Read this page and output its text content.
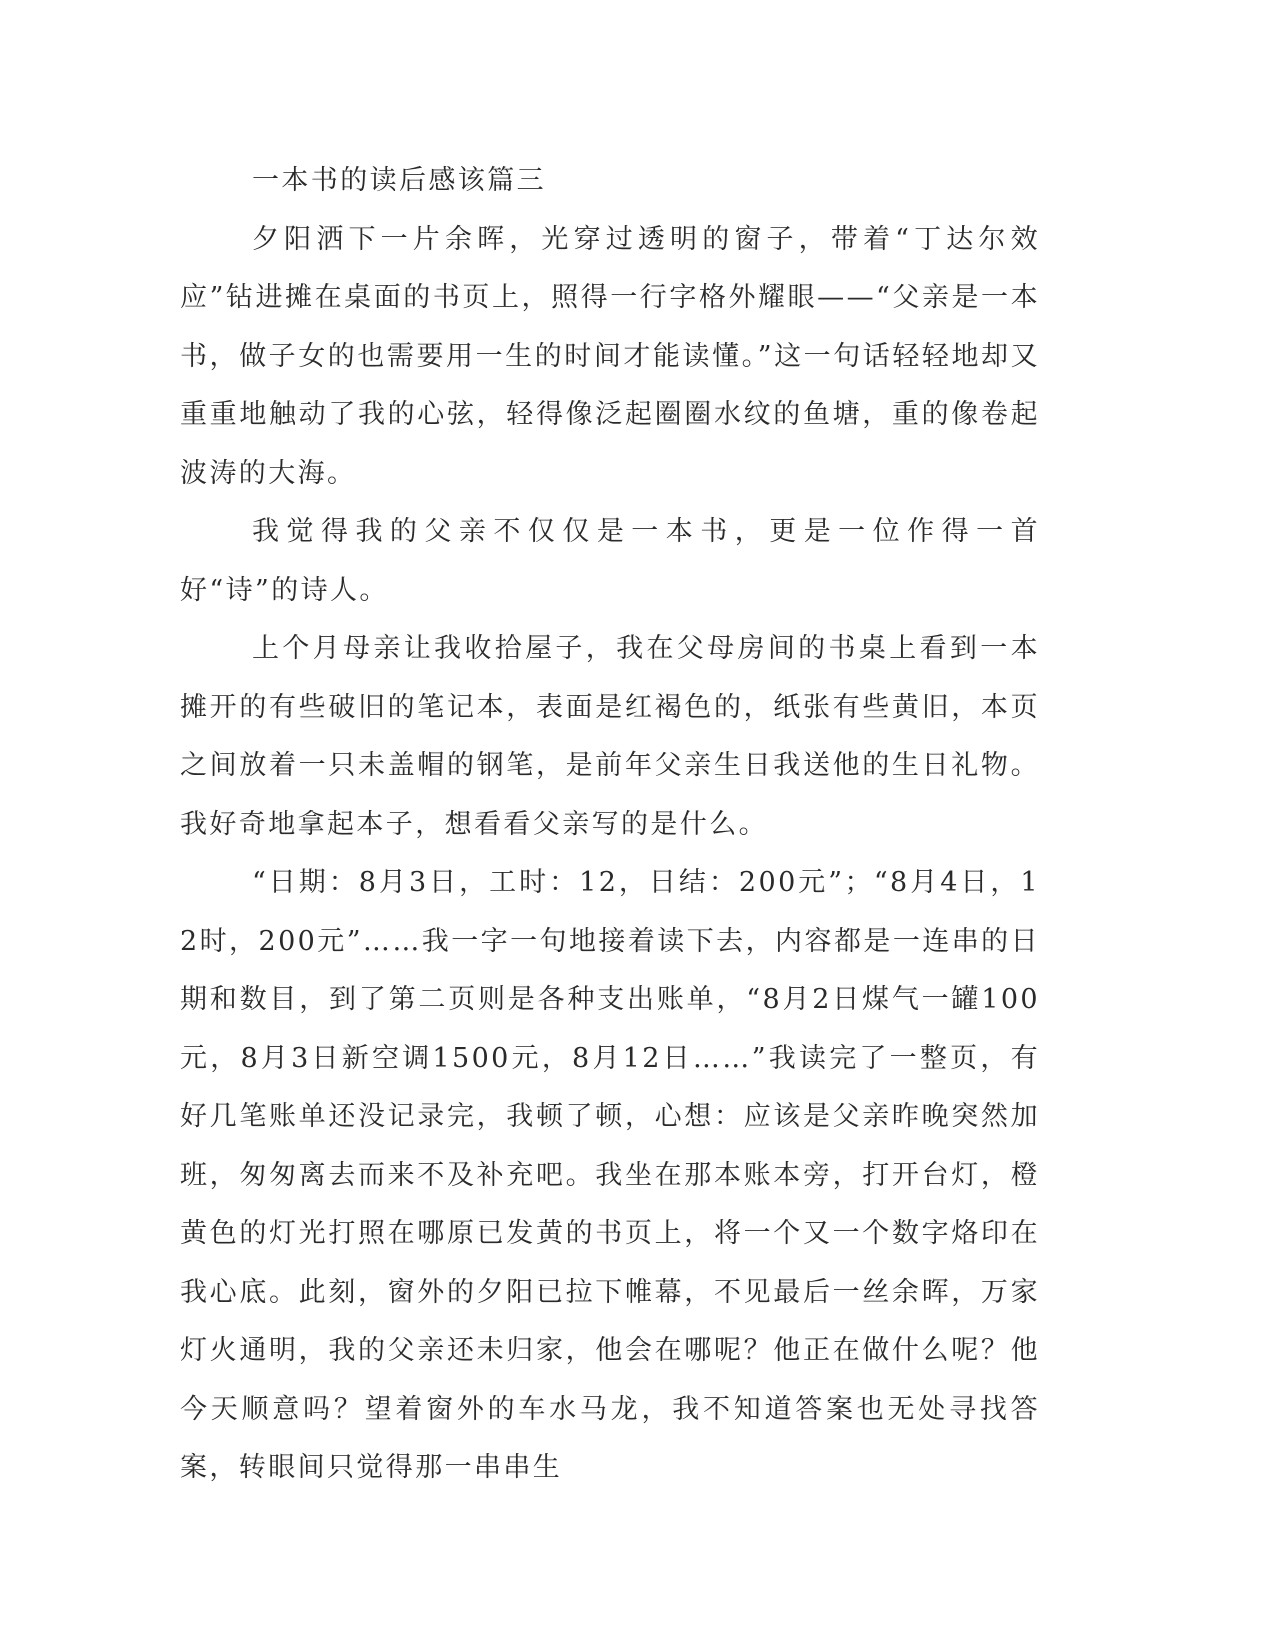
一本书的读后感该篇三

夕阳洒下一片余晖，光穿过透明的窗子，带着“丁达尔效应”钻进摊在桌面的书页上，照得一行字格外耀眼——“父亲是一本书，做子女的也需要用一生的时间才能读懂。”这一句话轻轻地却又重重地触动了我的心弦，轻得像泛起圈圈水纹的鱼塘，重的像卷起波涛的大海。

我觉得我的父亲不仅仅是一本书，更是一位作得一首好“诗”的诗人。

上个月母亲让我收拾屋子，我在父母房间的书桌上看到一本摊开的有些破旧的笔记本，表面是红褐色的，纸张有些黄旧，本页之间放着一只未盖帽的钢笔，是前年父亲生日我送他的生日礼物。我好奇地拿起本子，想看看父亲写的是什么。

“日期：8月3日，工时：12，日结：200元”；“8月4日，12时，200元”……我一字一句地接着读下去，内容都是一连串的日期和数目，到了第二页则是各种支出账单，“8月2日煤气一罐100元，8月3日新空调1500元，8月12日……”我读完了一整页，有好几笔账单还没记录完，我顿了顿，心想：应该是父亲昨晚突然加班，匆匆离去而来不及补充吧。我坐在那本账本旁，打开台灯，橙黄色的灯光打照在哪原已发黄的书页上，将一个又一个数字烙印在我心底。此刻，窗外的夕阳已拉下帷幕，不见最后一丝余晖，万家灯火通明，我的父亲还未归家，他会在哪呢？他正在做什么呢？他今天顺意吗？望着窗外的车水马龙，我不知道答案也无处寻找答案，转眼间只觉得那一串串生
